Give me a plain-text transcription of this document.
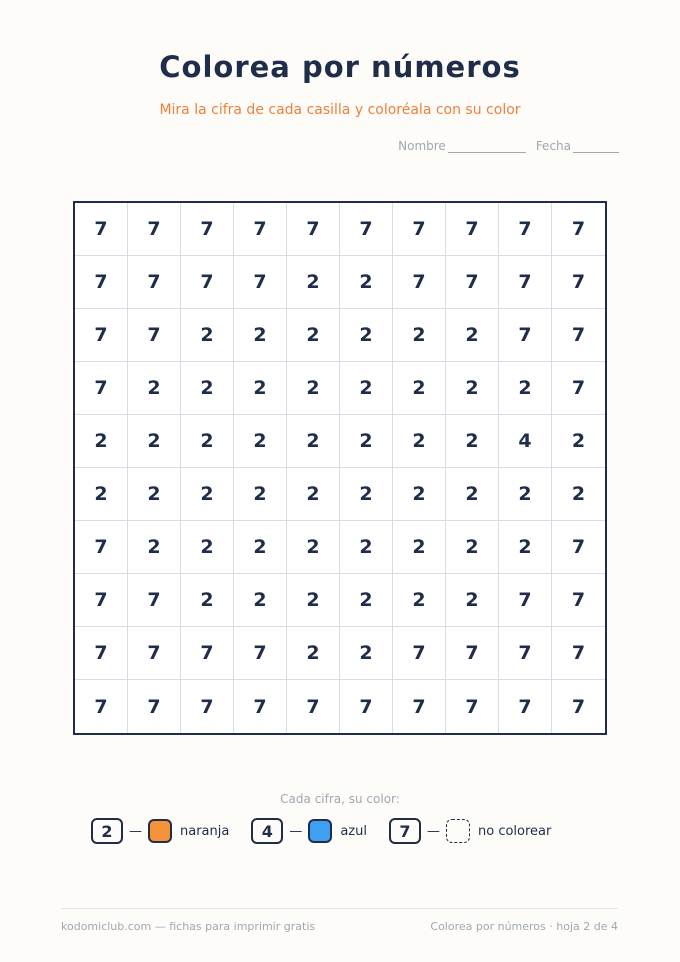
Colorea por números
Mira la cifra de cada casilla y coloréala con su color
Nombre	Fecha
7	7	7	7	7	7	7	7	7	7
7	7	7	7	2	2	7	7	7	7
7	7	2	2	2	2	2	2	7	7
7	2	2	2	2	2	2	2	2	7
2	2	2	2	2	2	2	2	4	2
2	2	2	2	2	2	2	2	2	2
7	2	2	2	2	2	2	2	2	7
7	7	2	2	2	2	2	2	7	7
7	7	7	7	2	2	7	7	7	7
7	7	7	7	7	7	7	7	7	7
Cada cifra, su color:
2	—	naranja	4	—	azul	7	—	no colorear
kodomiclub.com — fichas para imprimir gratis	Colorea por números · hoja 2 de 4
